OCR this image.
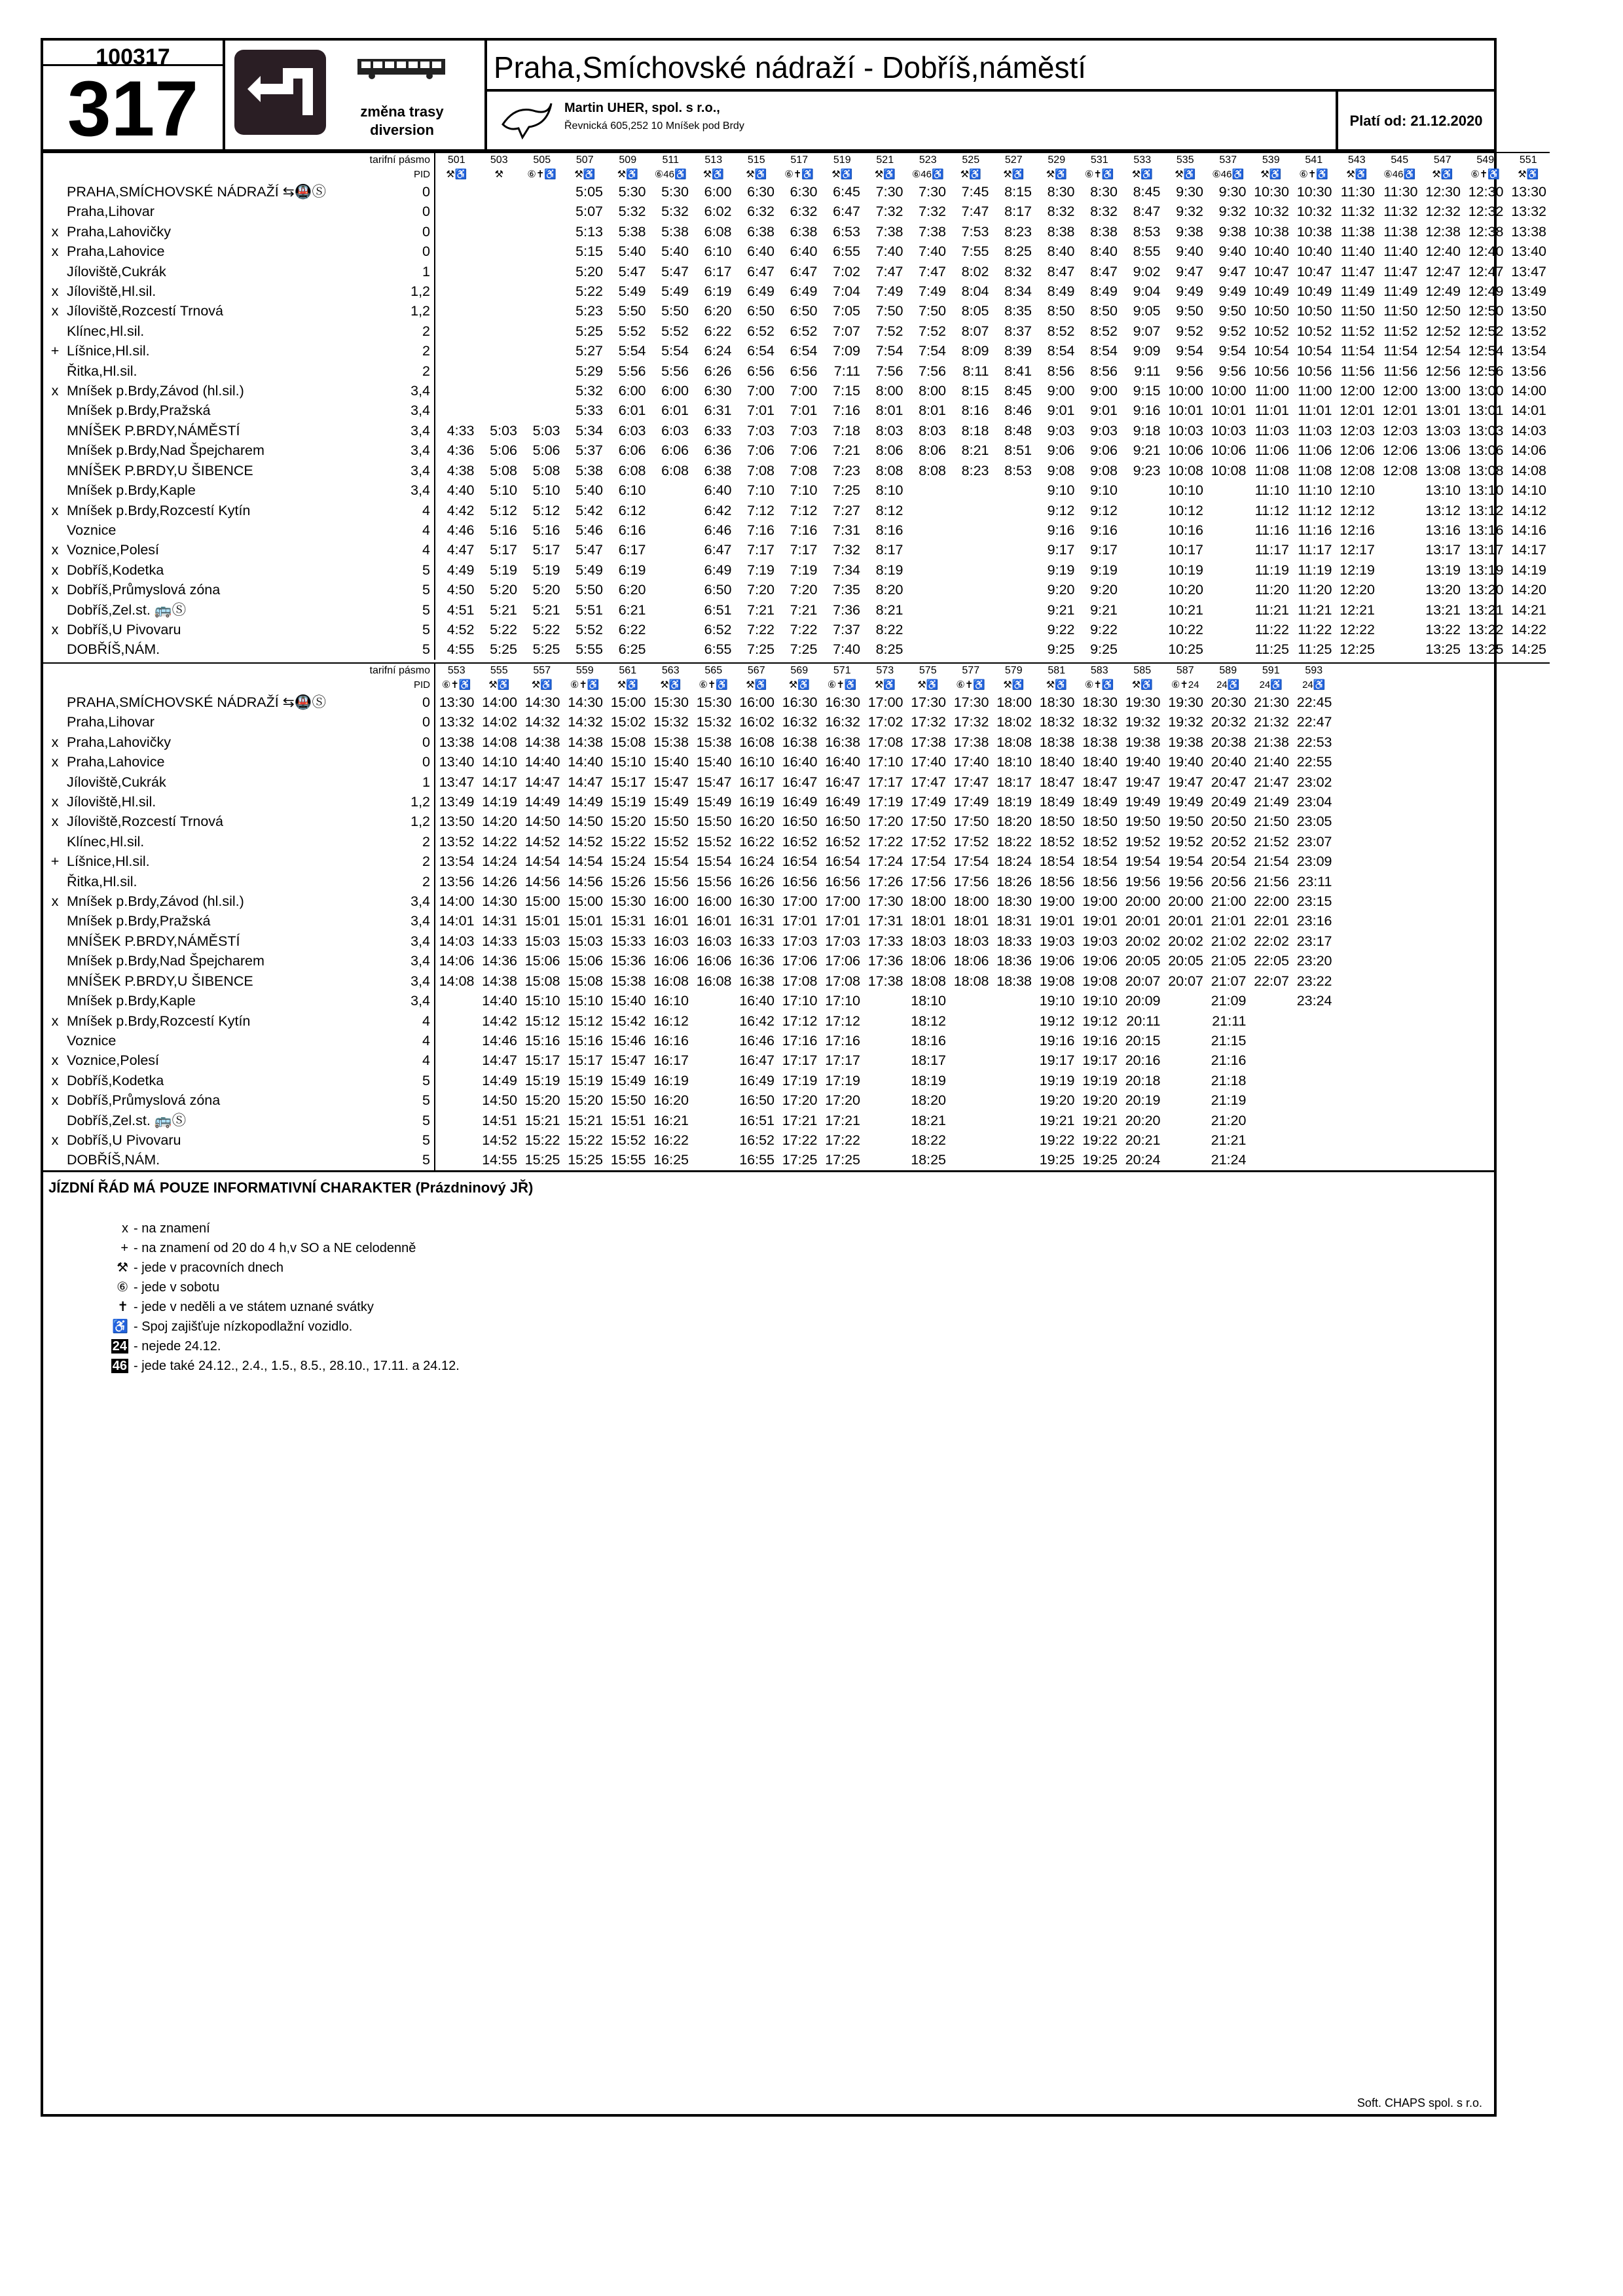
100317
317	změna trasy
diversion
Praha,Smíchovské nádraží - Dobříš,náměstí
Martin UHER, spol. s r.o.,
Řevnická 605,252 10 Mníšek pod Brdy	Platí od: 21.12.2020
	tarifní pásmo		501	503	505	507	509	511	513	515	517	519	521	523	525	527	529	531	533	535	537	539	541	543	545	547	549	551
	PID		⚒♿	⚒	⑥✝♿	⚒♿	⚒♿	⑥46♿	⚒♿	⚒♿	⑥✝♿	⚒♿	⚒♿	⑥46♿	⚒♿	⚒♿	⚒♿	⑥✝♿	⚒♿	⚒♿	⑥46♿	⚒♿	⑥✝♿	⚒♿	⑥46♿	⚒♿	⑥✝♿	⚒♿
	PRAHA,SMÍCHOVSKÉ NÁDRAŽÍ ⇆🚇Ⓢ	0				5:05	5:30	5:30	6:00	6:30	6:30	6:45	7:30	7:30	7:45	8:15	8:30	8:30	8:45	9:30	9:30	10:30	10:30	11:30	11:30	12:30	12:30	13:30
	Praha,Lihovar	0				5:07	5:32	5:32	6:02	6:32	6:32	6:47	7:32	7:32	7:47	8:17	8:32	8:32	8:47	9:32	9:32	10:32	10:32	11:32	11:32	12:32	12:32	13:32
x	Praha,Lahovičky	0				5:13	5:38	5:38	6:08	6:38	6:38	6:53	7:38	7:38	7:53	8:23	8:38	8:38	8:53	9:38	9:38	10:38	10:38	11:38	11:38	12:38	12:38	13:38
x	Praha,Lahovice	0				5:15	5:40	5:40	6:10	6:40	6:40	6:55	7:40	7:40	7:55	8:25	8:40	8:40	8:55	9:40	9:40	10:40	10:40	11:40	11:40	12:40	12:40	13:40
	Jíloviště,Cukrák	1				5:20	5:47	5:47	6:17	6:47	6:47	7:02	7:47	7:47	8:02	8:32	8:47	8:47	9:02	9:47	9:47	10:47	10:47	11:47	11:47	12:47	12:47	13:47
x	Jíloviště,Hl.sil.	1,2				5:22	5:49	5:49	6:19	6:49	6:49	7:04	7:49	7:49	8:04	8:34	8:49	8:49	9:04	9:49	9:49	10:49	10:49	11:49	11:49	12:49	12:49	13:49
x	Jíloviště,Rozcestí Trnová	1,2				5:23	5:50	5:50	6:20	6:50	6:50	7:05	7:50	7:50	8:05	8:35	8:50	8:50	9:05	9:50	9:50	10:50	10:50	11:50	11:50	12:50	12:50	13:50
	Klínec,Hl.sil.	2				5:25	5:52	5:52	6:22	6:52	6:52	7:07	7:52	7:52	8:07	8:37	8:52	8:52	9:07	9:52	9:52	10:52	10:52	11:52	11:52	12:52	12:52	13:52
+	Líšnice,Hl.sil.	2				5:27	5:54	5:54	6:24	6:54	6:54	7:09	7:54	7:54	8:09	8:39	8:54	8:54	9:09	9:54	9:54	10:54	10:54	11:54	11:54	12:54	12:54	13:54
	Řitka,Hl.sil.	2				5:29	5:56	5:56	6:26	6:56	6:56	7:11	7:56	7:56	8:11	8:41	8:56	8:56	9:11	9:56	9:56	10:56	10:56	11:56	11:56	12:56	12:56	13:56
x	Mníšek p.Brdy,Závod (hl.sil.)	3,4				5:32	6:00	6:00	6:30	7:00	7:00	7:15	8:00	8:00	8:15	8:45	9:00	9:00	9:15	10:00	10:00	11:00	11:00	12:00	12:00	13:00	13:00	14:00
	Mníšek p.Brdy,Pražská	3,4				5:33	6:01	6:01	6:31	7:01	7:01	7:16	8:01	8:01	8:16	8:46	9:01	9:01	9:16	10:01	10:01	11:01	11:01	12:01	12:01	13:01	13:01	14:01
	MNÍŠEK P.BRDY,NÁMĚSTÍ	3,4	4:33	5:03	5:03	5:34	6:03	6:03	6:33	7:03	7:03	7:18	8:03	8:03	8:18	8:48	9:03	9:03	9:18	10:03	10:03	11:03	11:03	12:03	12:03	13:03	13:03	14:03
	Mníšek p.Brdy,Nad Špejcharem	3,4	4:36	5:06	5:06	5:37	6:06	6:06	6:36	7:06	7:06	7:21	8:06	8:06	8:21	8:51	9:06	9:06	9:21	10:06	10:06	11:06	11:06	12:06	12:06	13:06	13:06	14:06
	MNÍŠEK P.BRDY,U ŠIBENCE	3,4	4:38	5:08	5:08	5:38	6:08	6:08	6:38	7:08	7:08	7:23	8:08	8:08	8:23	8:53	9:08	9:08	9:23	10:08	10:08	11:08	11:08	12:08	12:08	13:08	13:08	14:08
	Mníšek p.Brdy,Kaple	3,4	4:40	5:10	5:10	5:40	6:10		6:40	7:10	7:10	7:25	8:10				9:10	9:10		10:10		11:10	11:10	12:10		13:10	13:10	14:10
x	Mníšek p.Brdy,Rozcestí Kytín	4	4:42	5:12	5:12	5:42	6:12		6:42	7:12	7:12	7:27	8:12				9:12	9:12		10:12		11:12	11:12	12:12		13:12	13:12	14:12
	Voznice	4	4:46	5:16	5:16	5:46	6:16		6:46	7:16	7:16	7:31	8:16				9:16	9:16		10:16		11:16	11:16	12:16		13:16	13:16	14:16
x	Voznice,Polesí	4	4:47	5:17	5:17	5:47	6:17		6:47	7:17	7:17	7:32	8:17				9:17	9:17		10:17		11:17	11:17	12:17		13:17	13:17	14:17
x	Dobříš,Kodetka	5	4:49	5:19	5:19	5:49	6:19		6:49	7:19	7:19	7:34	8:19				9:19	9:19		10:19		11:19	11:19	12:19		13:19	13:19	14:19
x	Dobříš,Průmyslová zóna	5	4:50	5:20	5:20	5:50	6:20		6:50	7:20	7:20	7:35	8:20				9:20	9:20		10:20		11:20	11:20	12:20		13:20	13:20	14:20
	Dobříš,Zel.st. 🚌Ⓢ	5	4:51	5:21	5:21	5:51	6:21		6:51	7:21	7:21	7:36	8:21				9:21	9:21		10:21		11:21	11:21	12:21		13:21	13:21	14:21
x	Dobříš,U Pivovaru	5	4:52	5:22	5:22	5:52	6:22		6:52	7:22	7:22	7:37	8:22				9:22	9:22		10:22		11:22	11:22	12:22		13:22	13:22	14:22
	DOBŘÍŠ,NÁM.	5	4:55	5:25	5:25	5:55	6:25		6:55	7:25	7:25	7:40	8:25				9:25	9:25		10:25		11:25	11:25	12:25		13:25	13:25	14:25
	tarifní pásmo		553	555	557	559	561	563	565	567	569	571	573	575	577	579	581	583	585	587	589	591	593					
	PID		⑥✝♿	⚒♿	⚒♿	⑥✝♿	⚒♿	⚒♿	⑥✝♿	⚒♿	⚒♿	⑥✝♿	⚒♿	⚒♿	⑥✝♿	⚒♿	⚒♿	⑥✝♿	⚒♿	⑥✝24	24♿	24♿	24♿					
	PRAHA,SMÍCHOVSKÉ NÁDRAŽÍ ⇆🚇Ⓢ	0	13:30	14:00	14:30	14:30	15:00	15:30	15:30	16:00	16:30	16:30	17:00	17:30	17:30	18:00	18:30	18:30	19:30	19:30	20:30	21:30	22:45					
	Praha,Lihovar	0	13:32	14:02	14:32	14:32	15:02	15:32	15:32	16:02	16:32	16:32	17:02	17:32	17:32	18:02	18:32	18:32	19:32	19:32	20:32	21:32	22:47					
x	Praha,Lahovičky	0	13:38	14:08	14:38	14:38	15:08	15:38	15:38	16:08	16:38	16:38	17:08	17:38	17:38	18:08	18:38	18:38	19:38	19:38	20:38	21:38	22:53					
x	Praha,Lahovice	0	13:40	14:10	14:40	14:40	15:10	15:40	15:40	16:10	16:40	16:40	17:10	17:40	17:40	18:10	18:40	18:40	19:40	19:40	20:40	21:40	22:55					
	Jíloviště,Cukrák	1	13:47	14:17	14:47	14:47	15:17	15:47	15:47	16:17	16:47	16:47	17:17	17:47	17:47	18:17	18:47	18:47	19:47	19:47	20:47	21:47	23:02					
x	Jíloviště,Hl.sil.	1,2	13:49	14:19	14:49	14:49	15:19	15:49	15:49	16:19	16:49	16:49	17:19	17:49	17:49	18:19	18:49	18:49	19:49	19:49	20:49	21:49	23:04					
x	Jíloviště,Rozcestí Trnová	1,2	13:50	14:20	14:50	14:50	15:20	15:50	15:50	16:20	16:50	16:50	17:20	17:50	17:50	18:20	18:50	18:50	19:50	19:50	20:50	21:50	23:05					
	Klínec,Hl.sil.	2	13:52	14:22	14:52	14:52	15:22	15:52	15:52	16:22	16:52	16:52	17:22	17:52	17:52	18:22	18:52	18:52	19:52	19:52	20:52	21:52	23:07					
+	Líšnice,Hl.sil.	2	13:54	14:24	14:54	14:54	15:24	15:54	15:54	16:24	16:54	16:54	17:24	17:54	17:54	18:24	18:54	18:54	19:54	19:54	20:54	21:54	23:09					
	Řitka,Hl.sil.	2	13:56	14:26	14:56	14:56	15:26	15:56	15:56	16:26	16:56	16:56	17:26	17:56	17:56	18:26	18:56	18:56	19:56	19:56	20:56	21:56	23:11					
x	Mníšek p.Brdy,Závod (hl.sil.)	3,4	14:00	14:30	15:00	15:00	15:30	16:00	16:00	16:30	17:00	17:00	17:30	18:00	18:00	18:30	19:00	19:00	20:00	20:00	21:00	22:00	23:15					
	Mníšek p.Brdy,Pražská	3,4	14:01	14:31	15:01	15:01	15:31	16:01	16:01	16:31	17:01	17:01	17:31	18:01	18:01	18:31	19:01	19:01	20:01	20:01	21:01	22:01	23:16					
	MNÍŠEK P.BRDY,NÁMĚSTÍ	3,4	14:03	14:33	15:03	15:03	15:33	16:03	16:03	16:33	17:03	17:03	17:33	18:03	18:03	18:33	19:03	19:03	20:02	20:02	21:02	22:02	23:17					
	Mníšek p.Brdy,Nad Špejcharem	3,4	14:06	14:36	15:06	15:06	15:36	16:06	16:06	16:36	17:06	17:06	17:36	18:06	18:06	18:36	19:06	19:06	20:05	20:05	21:05	22:05	23:20					
	MNÍŠEK P.BRDY,U ŠIBENCE	3,4	14:08	14:38	15:08	15:08	15:38	16:08	16:08	16:38	17:08	17:08	17:38	18:08	18:08	18:38	19:08	19:08	20:07	20:07	21:07	22:07	23:22					
	Mníšek p.Brdy,Kaple	3,4		14:40	15:10	15:10	15:40	16:10		16:40	17:10	17:10		18:10			19:10	19:10	20:09		21:09		23:24					
x	Mníšek p.Brdy,Rozcestí Kytín	4		14:42	15:12	15:12	15:42	16:12		16:42	17:12	17:12		18:12			19:12	19:12	20:11		21:11							
	Voznice	4		14:46	15:16	15:16	15:46	16:16		16:46	17:16	17:16		18:16			19:16	19:16	20:15		21:15							
x	Voznice,Polesí	4		14:47	15:17	15:17	15:47	16:17		16:47	17:17	17:17		18:17			19:17	19:17	20:16		21:16							
x	Dobříš,Kodetka	5		14:49	15:19	15:19	15:49	16:19		16:49	17:19	17:19		18:19			19:19	19:19	20:18		21:18							
x	Dobříš,Průmyslová zóna	5		14:50	15:20	15:20	15:50	16:20		16:50	17:20	17:20		18:20			19:20	19:20	20:19		21:19							
	Dobříš,Zel.st. 🚌Ⓢ	5		14:51	15:21	15:21	15:51	16:21		16:51	17:21	17:21		18:21			19:21	19:21	20:20		21:20							
x	Dobříš,U Pivovaru	5		14:52	15:22	15:22	15:52	16:22		16:52	17:22	17:22		18:22			19:22	19:22	20:21		21:21							
	DOBŘÍŠ,NÁM.	5		14:55	15:25	15:25	15:55	16:25		16:55	17:25	17:25		18:25			19:25	19:25	20:24		21:24							
JÍZDNÍ ŘÁD MÁ POUZE INFORMATIVNÍ CHARAKTER (Prázdninový JŘ)
x - na znamení
+ - na znamení od 20 do 4 h,v SO a NE celodenně
⚒ - jede v pracovních dnech
⑥ - jede v sobotu
✝ - jede v neděli a ve státem uznané svátky
♿ - Spoj zajišťuje nízkopodlažní vozidlo.
24 - nejede 24.12.
46 - jede také 24.12., 2.4., 1.5., 8.5., 28.10., 17.11. a 24.12.
Soft. CHAPS spol. s r.o.
